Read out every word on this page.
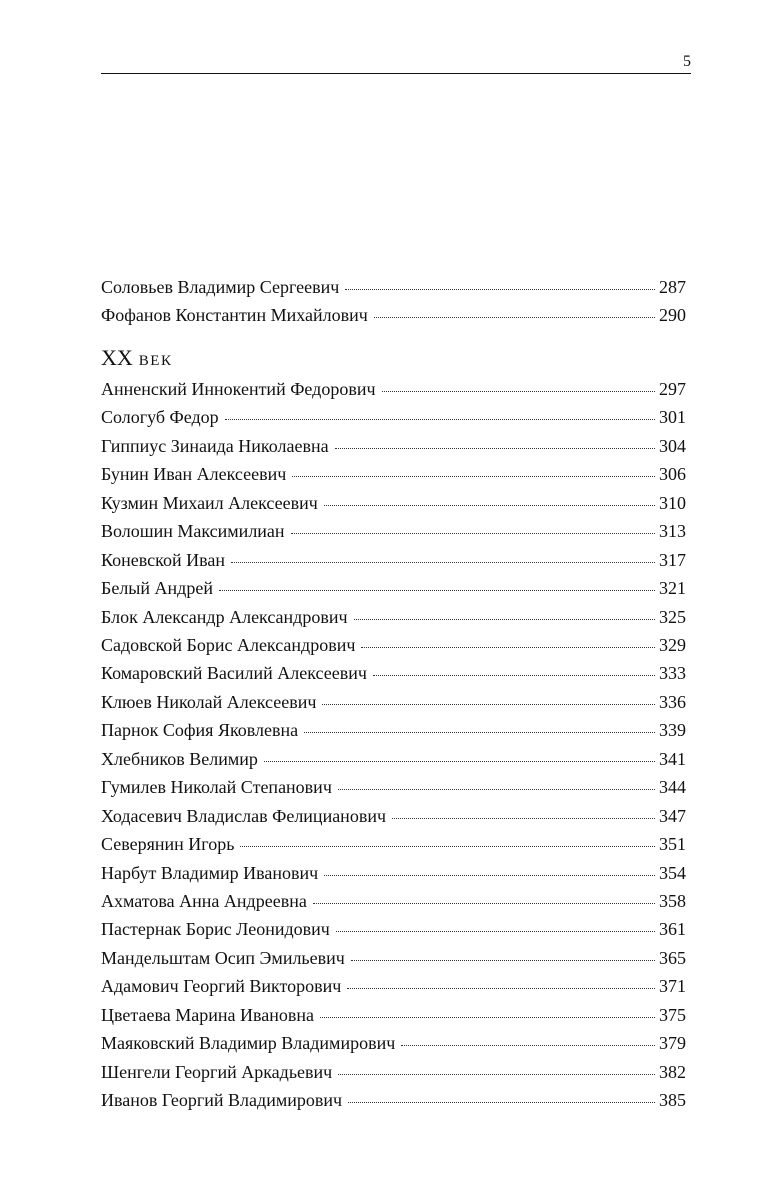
5
Соловьев Владимир Сергеевич	287
Фофанов Константин Михайлович	290
XX ВЕК
Анненский Иннокентий Федорович	297
Сологуб Федор	301
Гиппиус Зинаида Николаевна	304
Бунин Иван Алексеевич	306
Кузмин Михаил Алексеевич	310
Волошин Максимилиан	313
Коневской Иван	317
Белый Андрей	321
Блок Александр Александрович	325
Садовской Борис Александрович	329
Комаровский Василий Алексеевич	333
Клюев Николай Алексеевич	336
Парнок София Яковлевна	339
Хлебников Велимир	341
Гумилев Николай Степанович	344
Ходасевич Владислав Фелицианович	347
Северянин Игорь	351
Нарбут Владимир Иванович	354
Ахматова Анна Андреевна	358
Пастернак Борис Леонидович	361
Мандельштам Осип Эмильевич	365
Адамович Георгий Викторович	371
Цветаева Марина Ивановна	375
Маяковский Владимир Владимирович	379
Шенгели Георгий Аркадьевич	382
Иванов Георгий Владимирович	385
